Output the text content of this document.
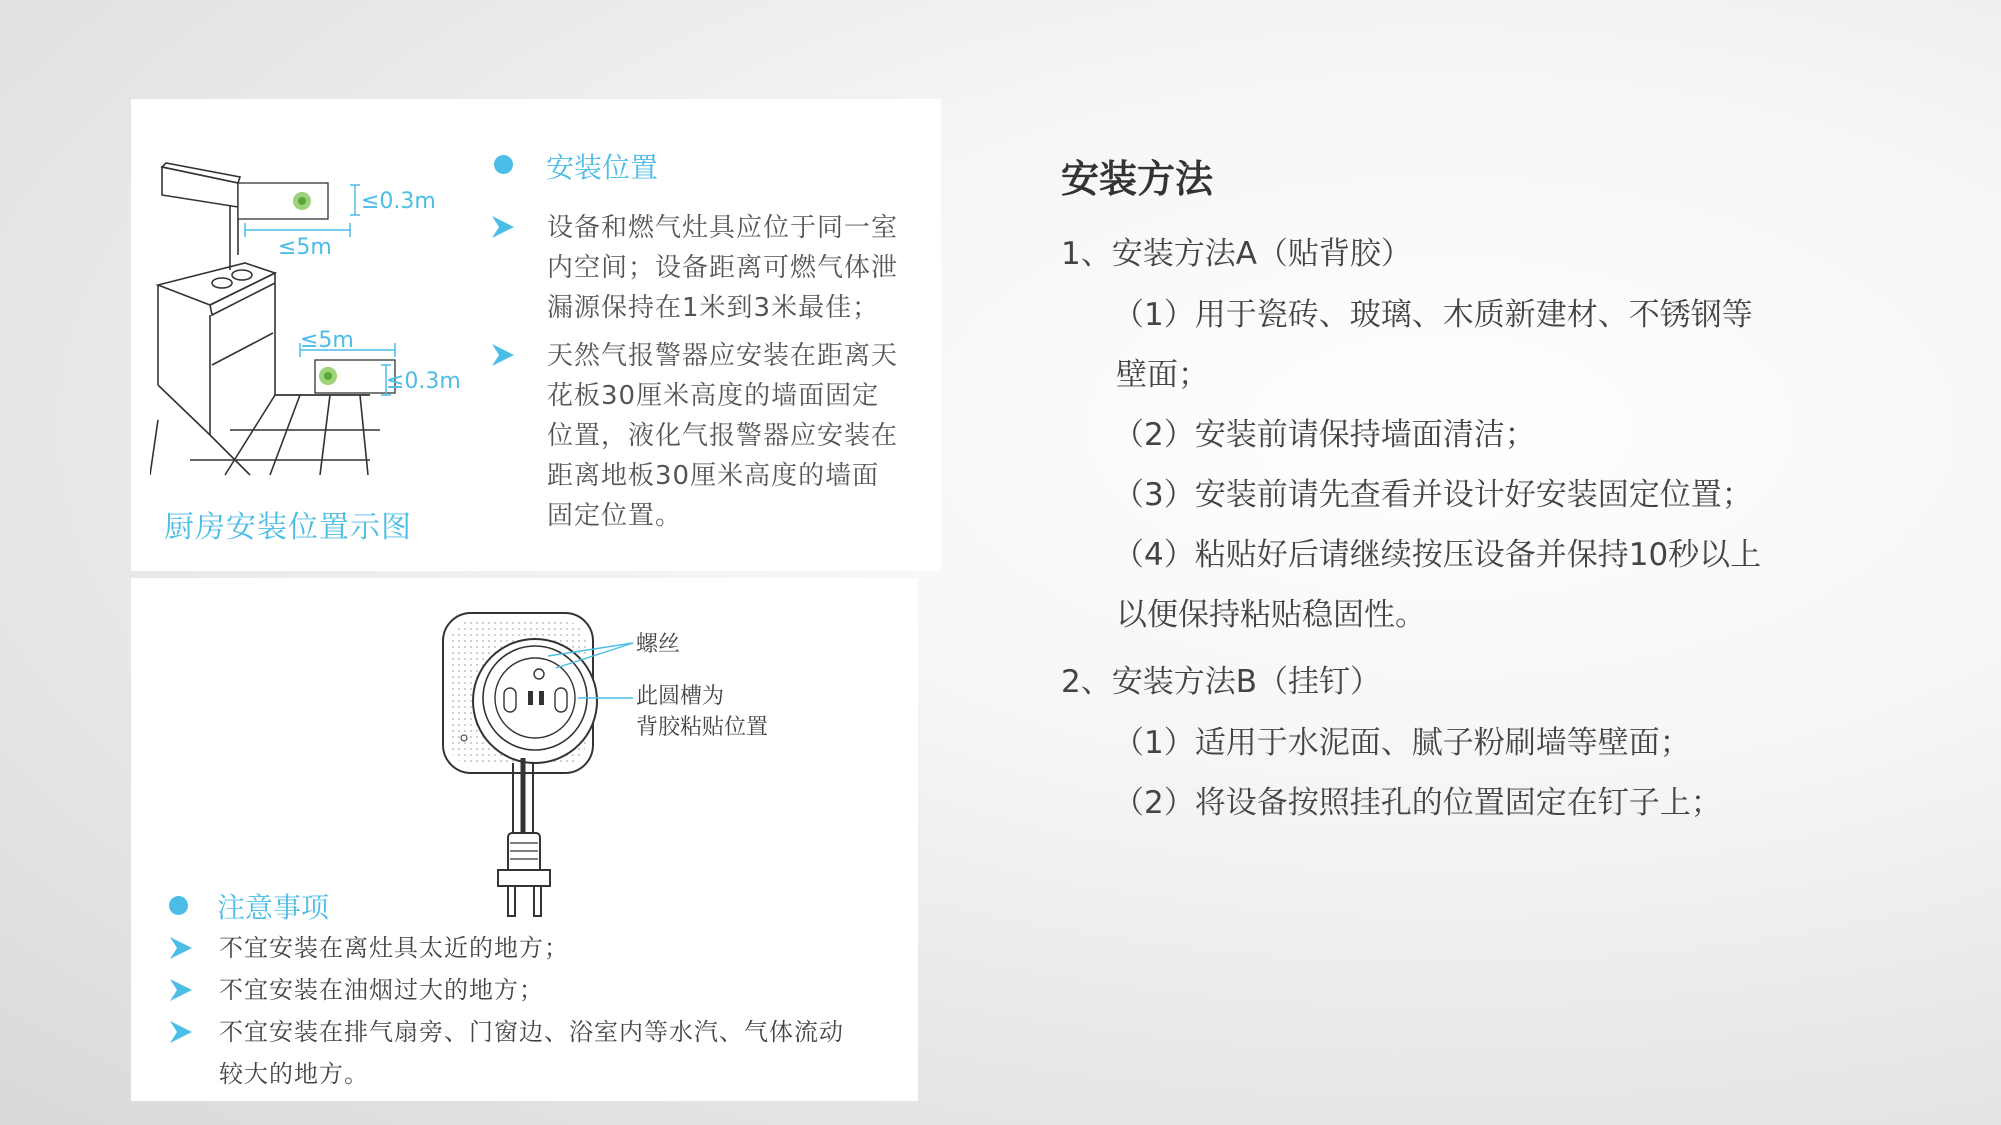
≤0.3m
≤5m
≤5m
≤0.3m
厨房安装位置示图
安装位置

设备和燃气灶具应位于同一室
内空间；设备距离可燃气体泄
漏源保持在1米到3米最佳；

天然气报警器应安装在距离天
花板30厘米高度的墙面固定
位置，液化气报警器应安装在
距离地板30厘米高度的墙面
固定位置。

螺丝
此圆槽为
背胶粘贴位置
注意事项

不宜安装在离灶具太近的地方；

不宜安装在油烟过大的地方；

不宜安装在排气扇旁、门窗边、浴室内等水汽、气体流动
较大的地方。

安装方法

1、安装方法A（贴背胶）

（1）用于瓷砖、玻璃、木质新建材、不锈钢等

壁面；

（2）安装前请保持墙面清洁；

（3）安装前请先查看并设计好安装固定位置；

（4）粘贴好后请继续按压设备并保持10秒以上

以便保持粘贴稳固性。

2、安装方法B（挂钉）

（1）适用于水泥面、腻子粉刷墙等壁面；

（2）将设备按照挂孔的位置固定在钉子上；
